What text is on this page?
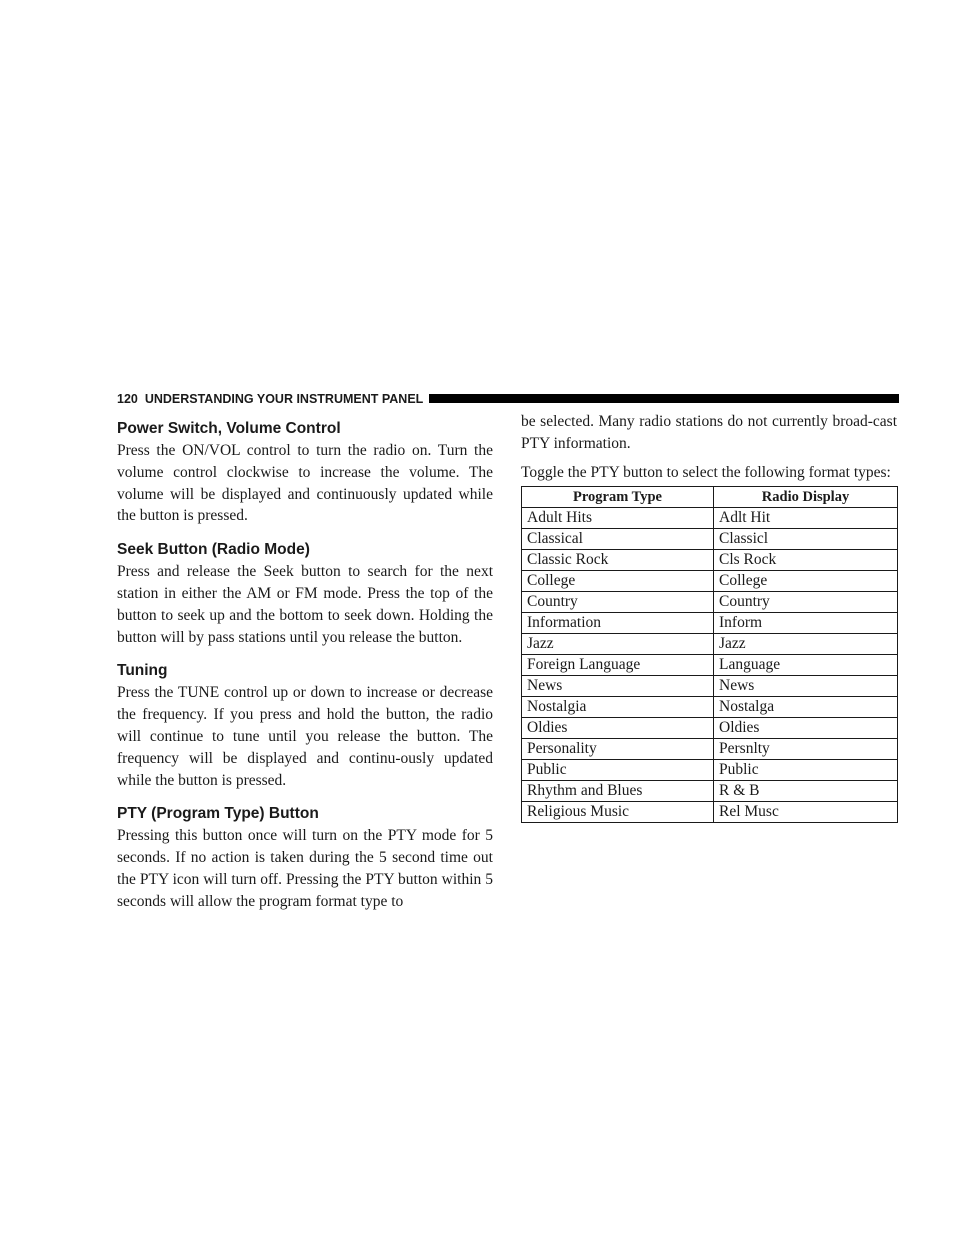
120 UNDERSTANDING YOUR INSTRUMENT PANEL
Power Switch, Volume Control

Press the ON/VOL control to turn the radio on. Turn the volume control clockwise to increase the volume. The volume will be displayed and continuously updated while the button is pressed.

Seek Button (Radio Mode)

Press and release the Seek button to search for the next station in either the AM or FM mode. Press the top of the button to seek up and the bottom to seek down. Holding the button will by pass stations until you release the button.

Tuning

Press the TUNE control up or down to increase or decrease the frequency. If you press and hold the button, the radio will continue to tune until you release the button. The frequency will be displayed and continu-ously updated while the button is pressed.

PTY (Program Type) Button

Pressing this button once will turn on the PTY mode for 5 seconds. If no action is taken during the 5 second time out the PTY icon will turn off. Pressing the PTY button within 5 seconds will allow the program format type to

be selected. Many radio stations do not currently broad-cast PTY information.

Toggle the PTY button to select the following format types:

Program Type	Radio Display
Adult Hits	Adlt Hit
Classical	Classicl
Classic Rock	Cls Rock
College	College
Country	Country
Information	Inform
Jazz	Jazz
Foreign Language	Language
News	News
Nostalgia	Nostalga
Oldies	Oldies
Personality	Persnlty
Public	Public
Rhythm and Blues	R & B
Religious Music	Rel Musc
